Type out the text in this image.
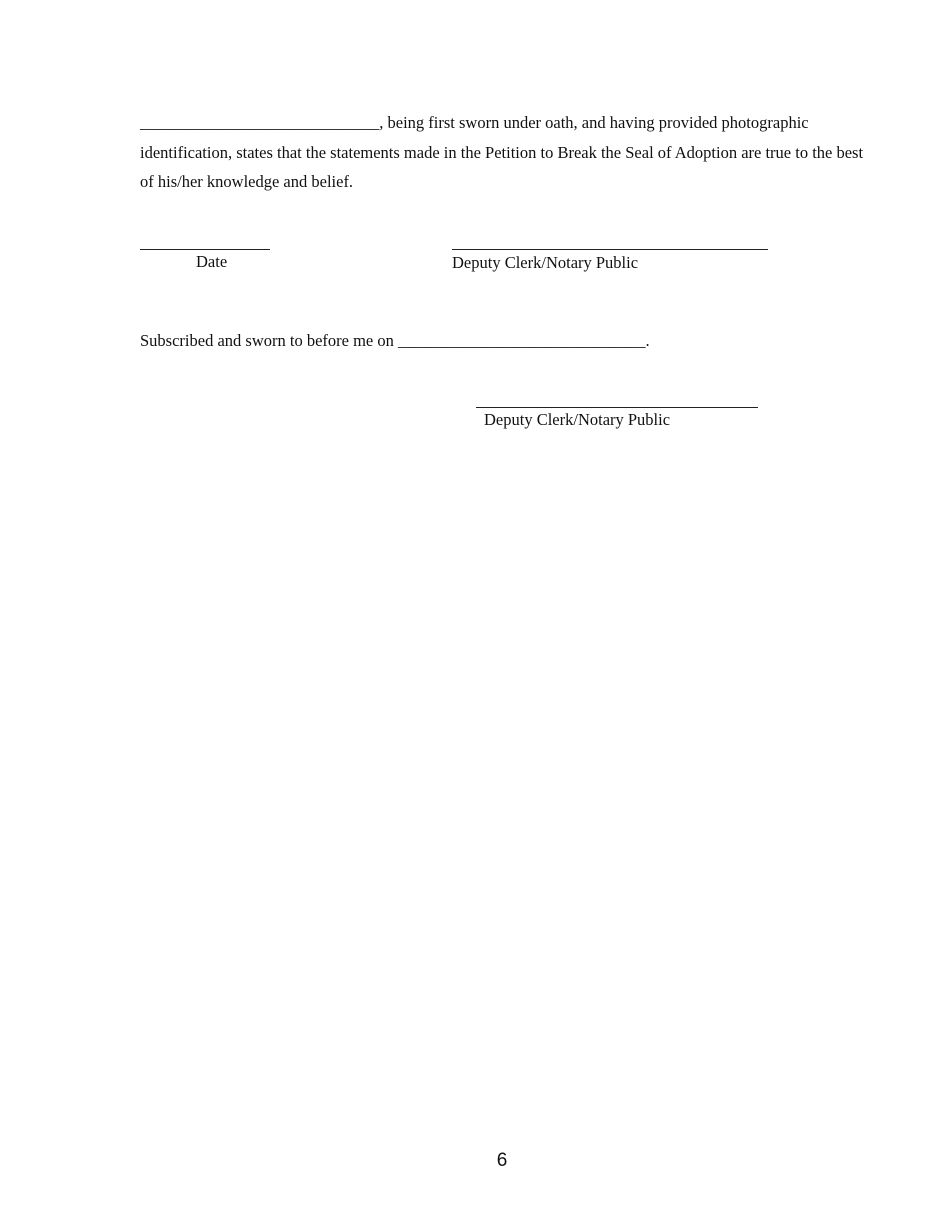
_____________________________, being first sworn under oath, and having provided photographic identification, states that the statements made in the Petition to Break the Seal of Adoption are true to the best of his/her knowledge and belief.

Date	Deputy Clerk/Notary Public
Subscribed and sworn to before me on ______________________________.
Deputy Clerk/Notary Public
6
